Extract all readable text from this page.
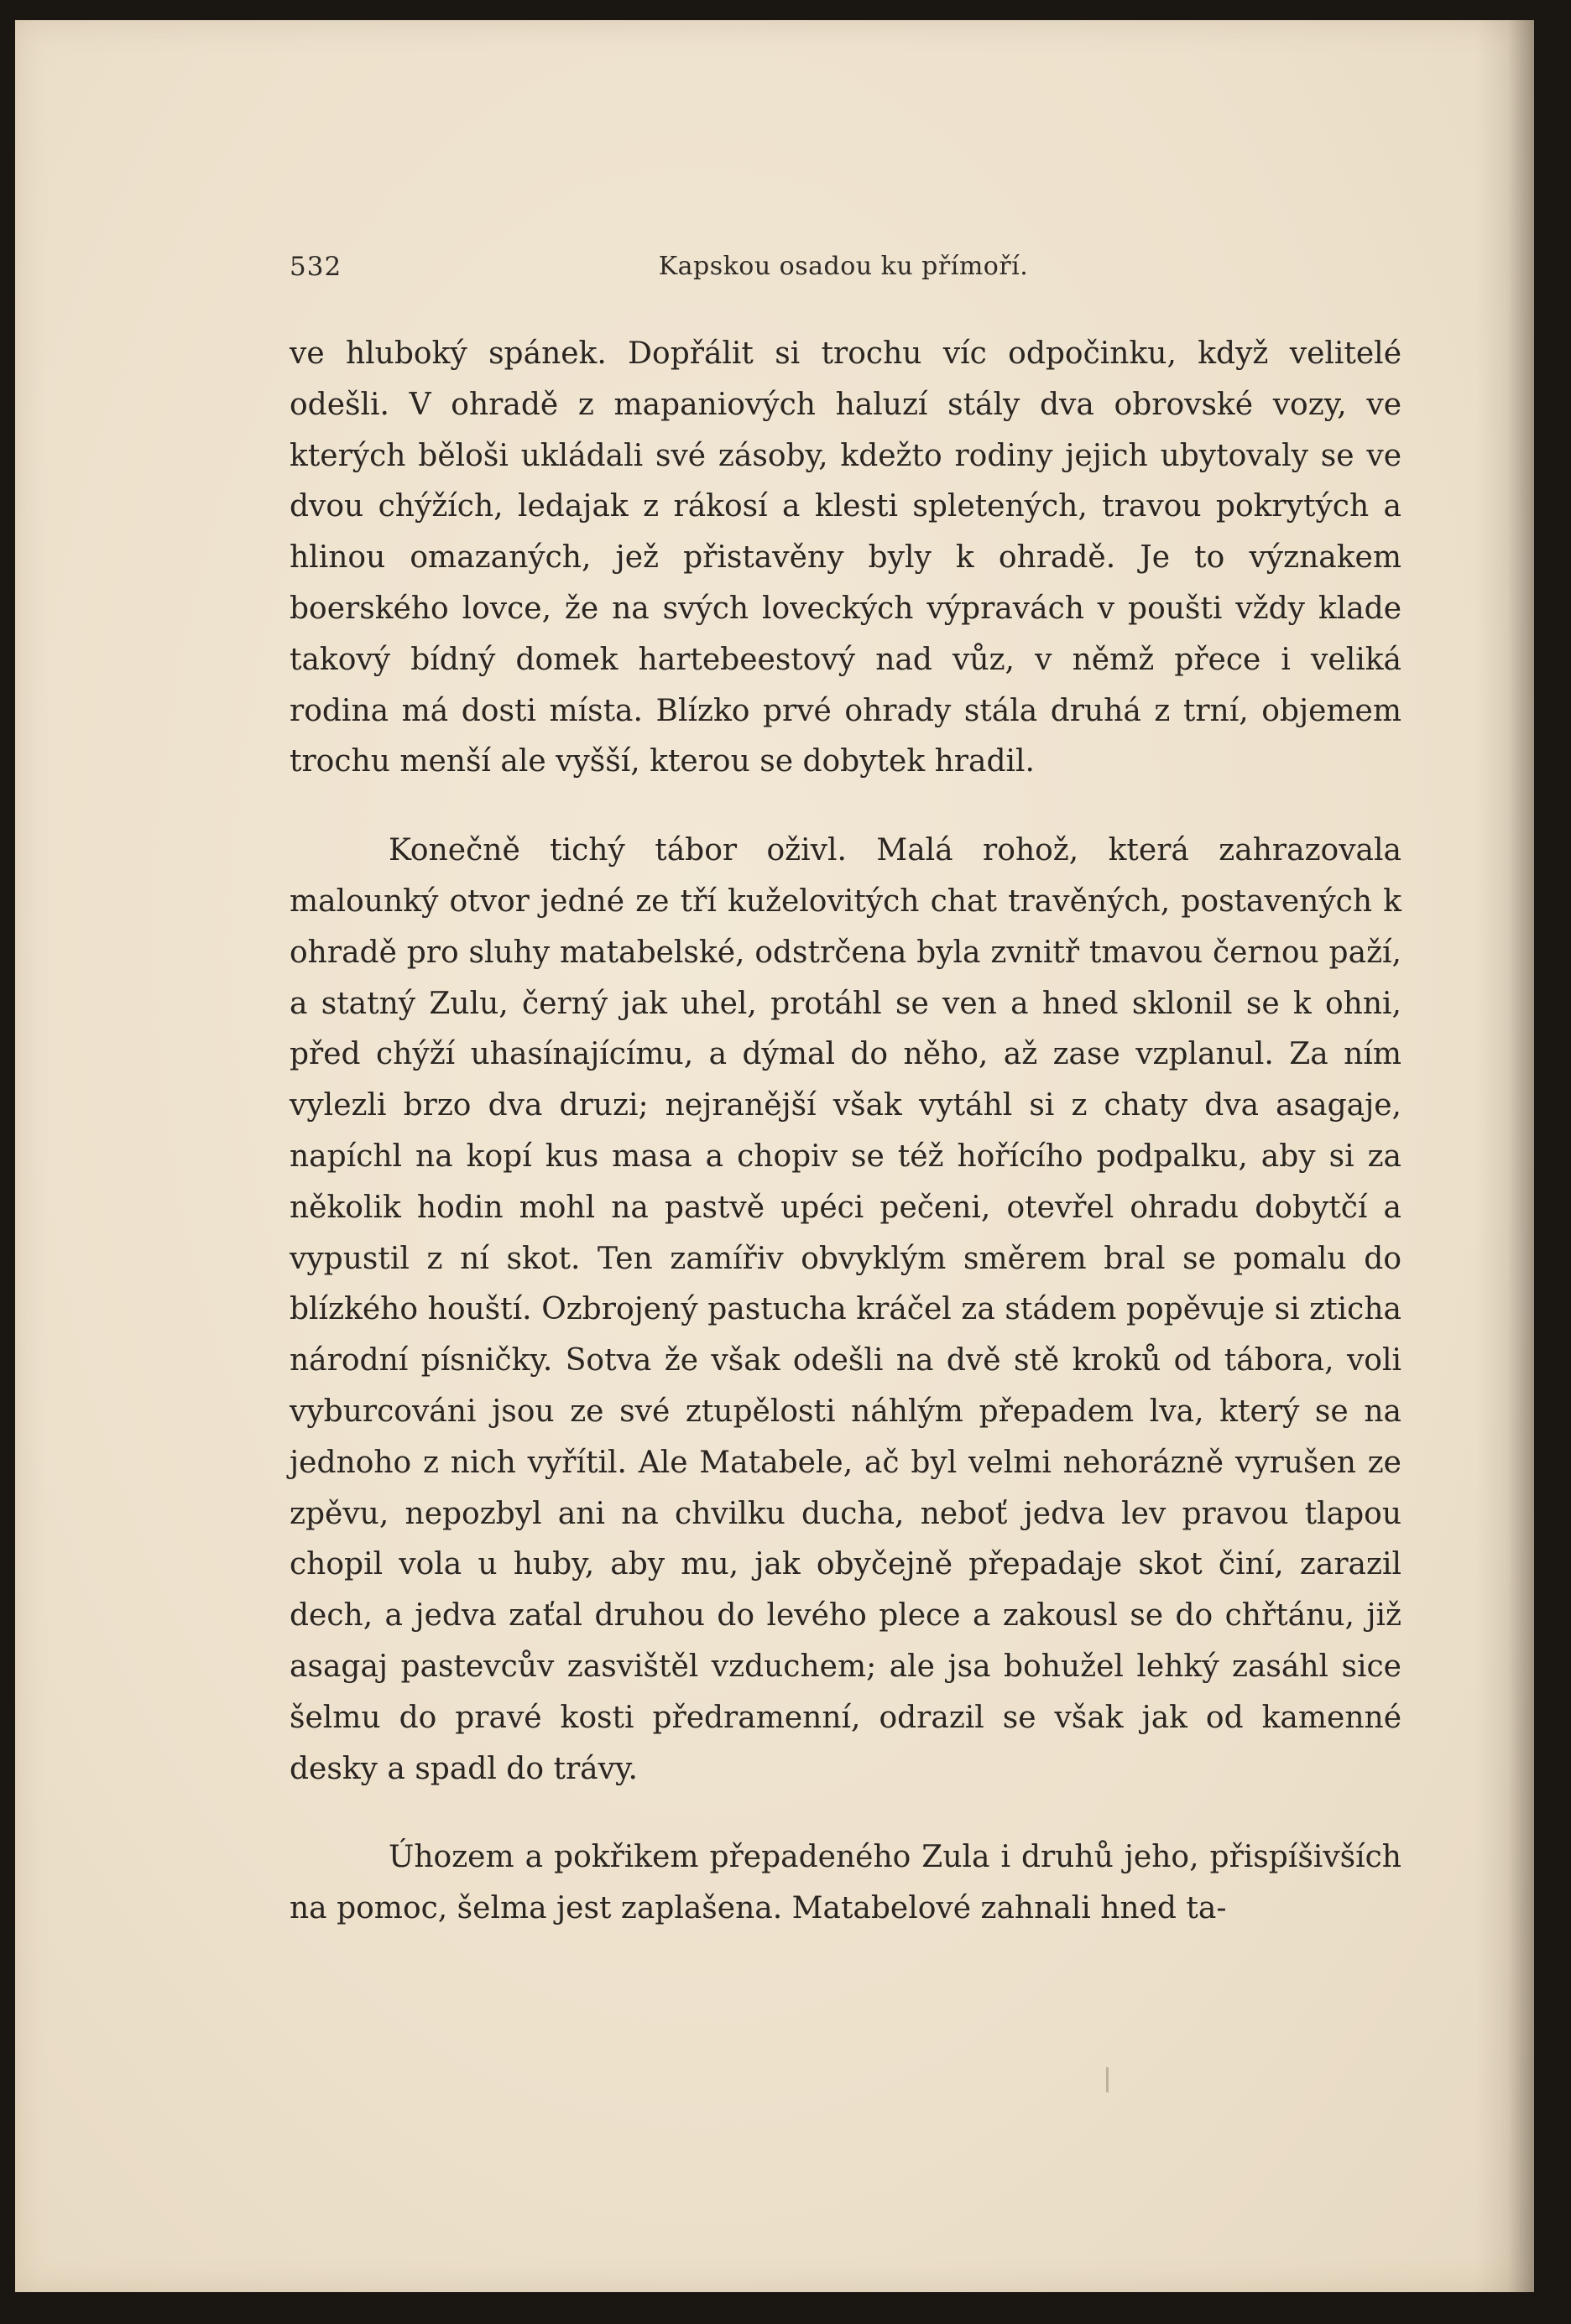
532	Kapskou osadou ku přímoří.

ve hluboký spánek. Dopřálit si trochu víc odpočinku, když velitelé odešli. V ohradě z mapaniových haluzí stály dva obrovské vozy, ve kterých běloši ukládali své zásoby, kdežto rodiny jejich ubytovaly se ve dvou chýžích, ledajak z rákosí a klesti spletených, travou pokrytých a hlinou omazaných, jež přistavěny byly k ohradě. Je to význakem boerského lovce, že na svých loveckých výpravách v poušti vždy klade takový bídný domek hartebeestový nad vůz, v němž přece i veliká rodina má dosti místa. Blízko prvé ohrady stála druhá z trní, objemem trochu menší ale vyšší, kterou se dobytek hradil.

Konečně tichý tábor oživl. Malá rohož, která zahrazovala malounký otvor jedné ze tří kuželovitých chat travěných, postavených k ohradě pro sluhy matabelské, odstrčena byla zvnitř tmavou černou paží, a statný Zulu, černý jak uhel, protáhl se ven a hned sklonil se k ohni, před chýží uhasínajícímu, a dýmal do něho, až zase vzplanul. Za ním vylezli brzo dva druzi; nejranější však vytáhl si z chaty dva asagaje, napíchl na kopí kus masa a chopiv se též hořícího podpalku, aby si za několik hodin mohl na pastvě upéci pečeni, otevřel ohradu dobytčí a vypustil z ní skot. Ten zamířiv obvyklým směrem bral se pomalu do blízkého houští. Ozbrojený pastucha kráčel za stádem popěvuje si zticha národní písničky. Sotva že však odešli na dvě stě kroků od tábora, voli vyburcováni jsou ze své ztupělosti náhlým přepadem lva, který se na jednoho z nich vyřítil. Ale Matabele, ač byl velmi nehorázně vyrušen ze zpěvu, nepozbyl ani na chvilku ducha, neboť jedva lev pravou tlapou chopil vola u huby, aby mu, jak obyčejně přepadaje skot činí, zarazil dech, a jedva zaťal druhou do levého plece a zakousl se do chřtánu, již asagaj pastevcův zasvištěl vzduchem; ale jsa bohužel lehký zasáhl sice šelmu do pravé kosti předramenní, odrazil se však jak od kamenné desky a spadl do trávy.

Úhozem a pokřikem přepadeného Zula i druhů jeho, přispíšivších na pomoc, šelma jest zaplašena. Matabelové zahnali hned ta-
